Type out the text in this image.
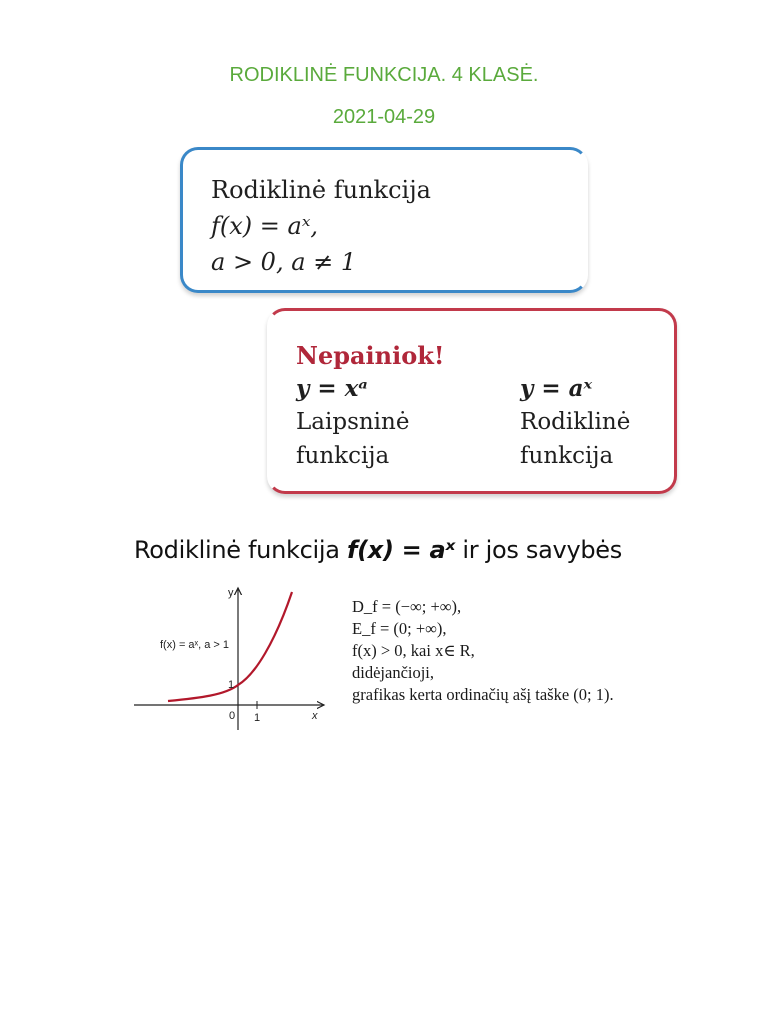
RODIKLINĖ FUNKCIJA. 4 KLASĖ.
2021-04-29
Rodiklinė funkcija
f(x) = aˣ,
a > 0, a ≠ 1
Nepainiok!
y = xᵃ
Laipsninė
funkcija
y = aˣ
Rodiklinė
funkcija
Rodiklinė funkcija f(x) = aˣ ir jos savybės
y
x
0 1
1
f(x) = aˣ, a > 1
D_f = (−∞; +∞),
E_f = (0; +∞),
f(x) > 0, kai x∈ R,
didėjančioji,
grafikas kerta ordinačių ašį taške (0; 1).
